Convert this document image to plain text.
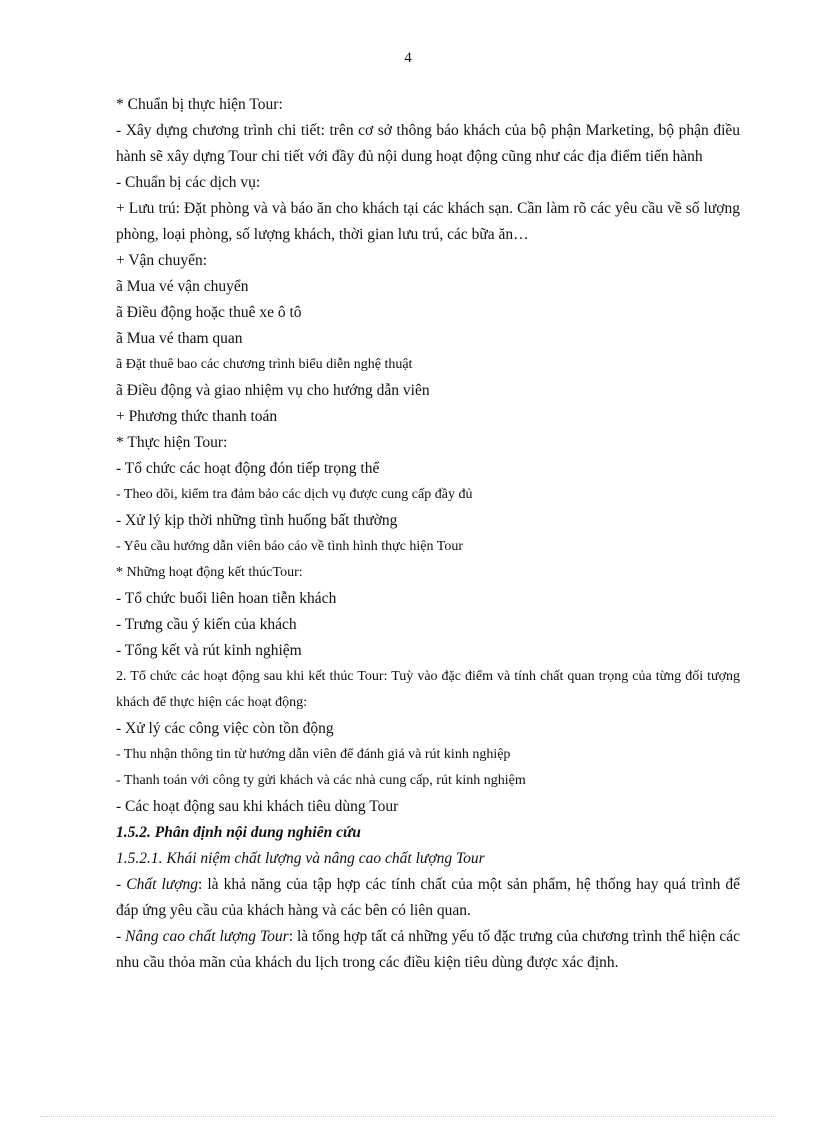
4

* Chuẩn bị thực hiện Tour:

- Xây dựng chương trình chi tiết: trên cơ sở thông báo khách của bộ phận Marketing, bộ phận điều hành sẽ xây dựng Tour chi tiết với đầy đủ nội dung hoạt động cũng như các địa điểm tiến hành

- Chuẩn bị các dịch vụ:

+ Lưu trú: Đặt phòng và và báo ăn cho khách tại các khách sạn. Cần làm rõ các yêu cầu về số lượng phòng, loại phòng, số lượng khách, thời gian lưu trú, các bữa ăn…

+ Vận chuyển:

ã Mua vé vận chuyển

ã Điều động hoặc thuê xe ô tô

ã Mua vé tham quan

ã Đặt thuê bao các chương trình biểu diễn nghệ thuật

ã Điều động và giao nhiệm vụ cho hướng dẫn viên

+ Phương thức thanh toán

* Thực hiện Tour:

- Tổ chức các hoạt động đón tiếp trọng thể

- Theo dõi, kiểm tra đảm bảo các dịch vụ được cung cấp đầy đủ

- Xử lý kịp thời những tình huống bất thường

- Yêu cầu hướng dẫn viên báo cáo về tình hình thực hiện Tour

* Những hoạt động kết thúcTour:

- Tổ chức buổi liên hoan tiễn khách

- Trưng cầu ý kiến của khách

- Tổng kết và rút kinh nghiệm

2. Tổ chức các hoạt động sau khi kết thúc Tour: Tuỳ vào đặc điểm và tính chất quan trọng của từng đối tượng khách để thực hiện các hoạt động:

- Xử lý các công việc còn tồn động

- Thu nhận thông tin từ hướng dẫn viên để đánh giá và rút kinh nghiệp

- Thanh toán với công ty gửi khách và các nhà cung cấp, rút kinh nghiệm

- Các hoạt động sau khi khách tiêu dùng Tour

1.5.2. Phân định nội dung nghiên cứu

1.5.2.1. Khái niệm chất lượng và nâng cao chất lượng Tour

- Chất lượng: là khả năng của tập hợp các tính chất của một sản phẩm, hệ thống hay quá trình để đáp ứng yêu cầu của khách hàng và các bên có liên quan.

- Nâng cao chất lượng Tour: là tổng hợp tất cả những yếu tố đặc trưng của chương trình thể hiện các nhu cầu thỏa mãn của khách du lịch trong các điều kiện tiêu dùng được xác định.
